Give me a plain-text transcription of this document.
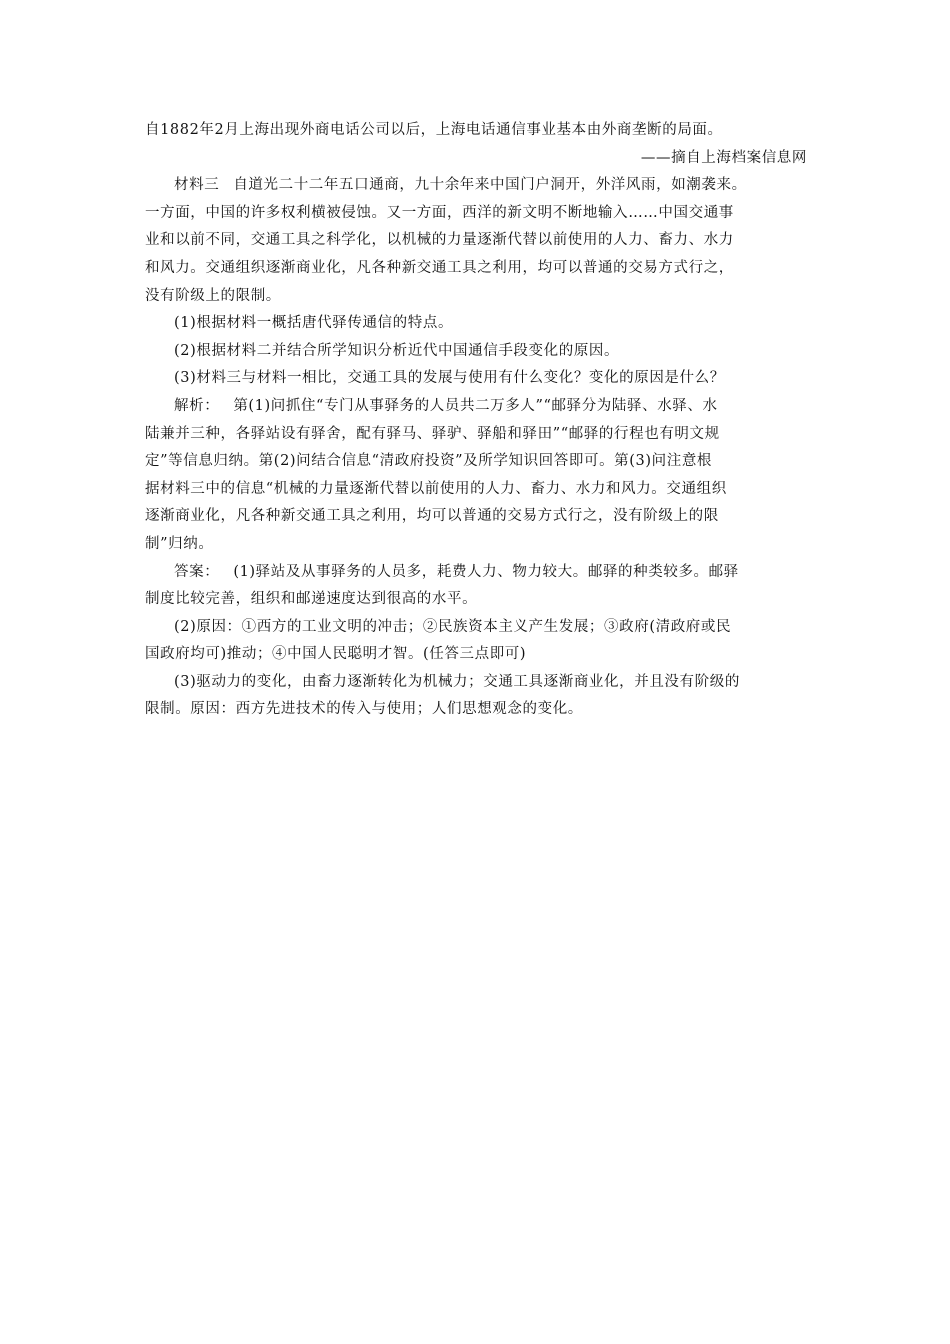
自1882年2月上海出现外商电话公司以后，上海电话通信事业基本由外商垄断的局面。

——摘自上海档案信息网

材料三 自道光二十二年五口通商，九十余年来中国门户洞开，外洋风雨，如潮袭来。

一方面，中国的许多权利横被侵蚀。又一方面，西洋的新文明不断地输入……中国交通事

业和以前不同，交通工具之科学化，以机械的力量逐渐代替以前使用的人力、畜力、水力

和风力。交通组织逐渐商业化，凡各种新交通工具之利用，均可以普通的交易方式行之，

没有阶级上的限制。

(1)根据材料一概括唐代驿传通信的特点。

(2)根据材料二并结合所学知识分析近代中国通信手段变化的原因。

(3)材料三与材料一相比，交通工具的发展与使用有什么变化？变化的原因是什么？

解析： 第(1)问抓住“专门从事驿务的人员共二万多人”“邮驿分为陆驿、水驿、水

陆兼并三种，各驿站设有驿舍，配有驿马、驿驴、驿船和驿田”“邮驿的行程也有明文规

定”等信息归纳。第(2)问结合信息“清政府投资”及所学知识回答即可。第(3)问注意根

据材料三中的信息“机械的力量逐渐代替以前使用的人力、畜力、水力和风力。交通组织

逐渐商业化，凡各种新交通工具之利用，均可以普通的交易方式行之，没有阶级上的限

制”归纳。

答案： (1)驿站及从事驿务的人员多，耗费人力、物力较大。邮驿的种类较多。邮驿

制度比较完善，组织和邮递速度达到很高的水平。

(2)原因：①西方的工业文明的冲击；②民族资本主义产生发展；③政府(清政府或民

国政府均可)推动；④中国人民聪明才智。(任答三点即可)

(3)驱动力的变化，由畜力逐渐转化为机械力；交通工具逐渐商业化，并且没有阶级的

限制。原因：西方先进技术的传入与使用；人们思想观念的变化。
